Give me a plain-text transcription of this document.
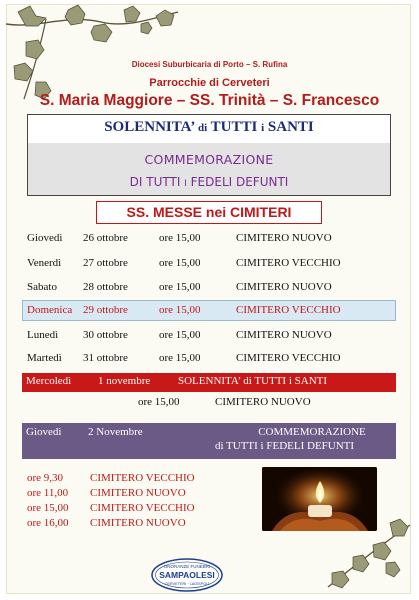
Diocesi Suburbicaria di Porto – S. Rufina
Parrocchie di Cerveteri
S. Maria Maggiore – SS. Trinità – S. Francesco
SOLENNITA’ di TUTTI i SANTI
COMMEMORAZIONE
DI TUTTI I FEDELI DEFUNTI
SS. MESSE nei CIMITERI
Giovedì 26 ottobre	ore 15,00	CIMITERO NUOVO
Venerdì 27 ottobre	ore 15,00	CIMITERO VECCHIO
Sabato 28 ottobre	ore 15,00	CIMITERO NUOVO
Domenica 29 ottobre	ore 15,00	CIMITERO VECCHIO
Lunedì 30 ottobre	ore 15,00	CIMITERO NUOVO
Martedì 31 ottobre	ore 15,00	CIMITERO VECCHIO
Mercoledì 1 novembre	SOLENNITA’ di TUTTI i SANTI
ore 15,00	CIMITERO NUOVO
Giovedì 2 Novembre	COMMEMORAZIONE
di TUTTI i FEDELI DEFUNTI
ore 9,30 CIMITERO VECCHIO
ore 11,00 CIMITERO NUOVO
ore 15,00 CIMITERO VECCHIO
ore 16,00 CIMITERO NUOVO
ONORANZE FUNEBRI
SAMPAOLESI
CERVETERI · LADISPOLI
